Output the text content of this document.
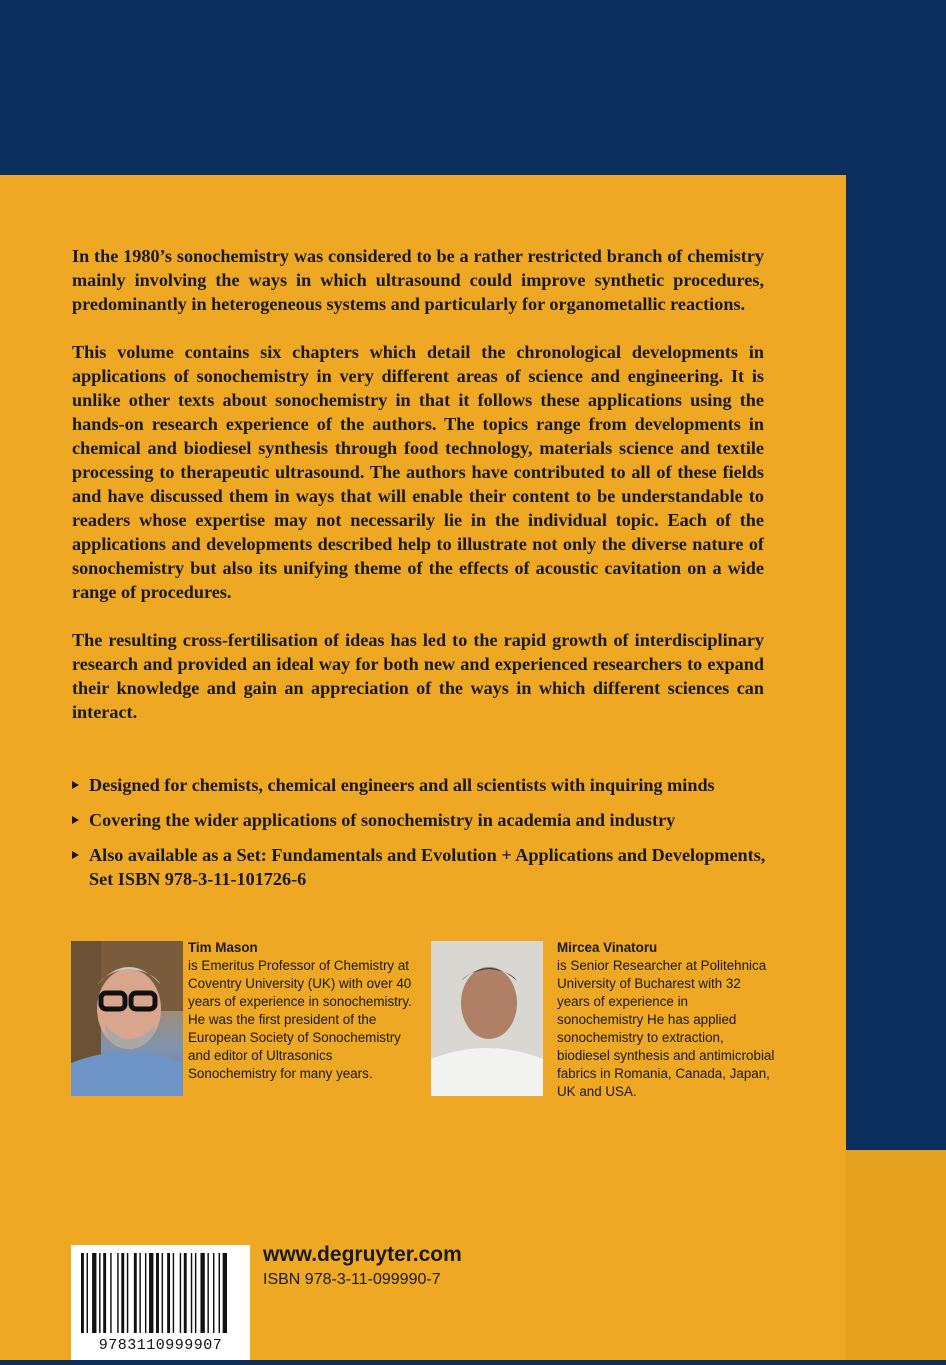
In the 1980’s sonochemistry was considered to be a rather restricted branch of chemistry mainly involving the ways in which ultrasound could improve synthetic procedures, predominantly in heterogeneous systems and particularly for organometallic reactions.

This volume contains six chapters which detail the chronological developments in applications of sonochemistry in very different areas of science and engineering. It is unlike other texts about sonochemistry in that it follows these applications using the hands-on research experience of the authors. The topics range from developments in chemical and biodiesel synthesis through food technology, materials science and textile processing to therapeutic ultrasound. The authors have contributed to all of these fields and have discussed them in ways that will enable their content to be understandable to readers whose expertise may not necessarily lie in the individual topic. Each of the applications and developments described help to illustrate not only the diverse nature of sonochemistry but also its unifying theme of the effects of acoustic cavitation on a wide range of procedures.

The resulting cross-fertilisation of ideas has led to the rapid growth of interdisciplinary research and provided an ideal way for both new and experienced researchers to expand their knowledge and gain an appreciation of the ways in which different sciences can interact.

Designed for chemists, chemical engineers and all scientists with inquiring minds
Covering the wider applications of sonochemistry in academia and industry
Also available as a Set: Fundamentals and Evolution + Applications and Developments, Set ISBN 978-3-11-101726-6
Tim Mason
is Emeritus Professor of Chemistry at Coventry University (UK) with over 40 years of experience in sonochemistry. He was the first president of the European Society of Sonochemistry and editor of Ultrasonics Sonochemistry for many years.
Mircea Vinatoru
is Senior Researcher at Politehnica University of Bucharest with 32 years of experience in sonochemistry He has applied sonochemistry to extraction, biodiesel synthesis and antimicrobial fabrics in Romania, Canada, Japan, UK and USA.
9783110999907
www.degruyter.com
ISBN 978-3-11-099990-7
